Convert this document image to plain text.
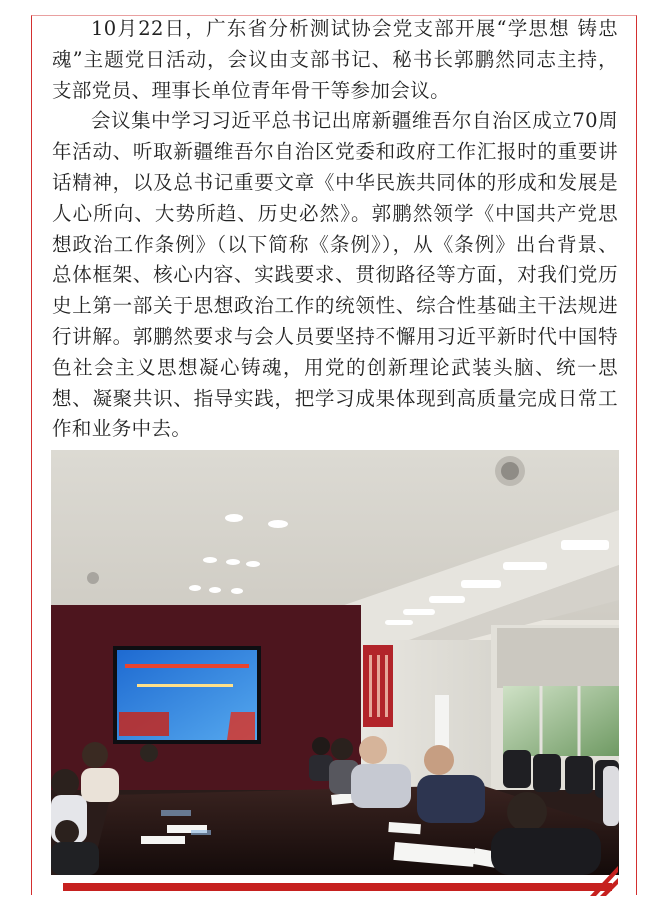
10月22日，广东省分析测试协会党支部开展“学思想 铸忠魂”主题党日活动，会议由支部书记、秘书长郭鹏然同志主持，支部党员、理事长单位青年骨干等参加会议。

会议集中学习习近平总书记出席新疆维吾尔自治区成立70周年活动、听取新疆维吾尔自治区党委和政府工作汇报时的重要讲话精神，以及总书记重要文章《中华民族共同体的形成和发展是人心所向、大势所趋、历史必然》。郭鹏然领学《中国共产党思想政治工作条例》（以下简称《条例》），从《条例》出台背景、总体框架、核心内容、实践要求、贯彻路径等方面，对我们党历史上第一部关于思想政治工作的统领性、综合性基础主干法规进行讲解。郭鹏然要求与会人员要坚持不懈用习近平新时代中国特色社会主义思想凝心铸魂，用党的创新理论武装头脑、统一思想、凝聚共识、指导实践，把学习成果体现到高质量完成日常工作和业务中去。
